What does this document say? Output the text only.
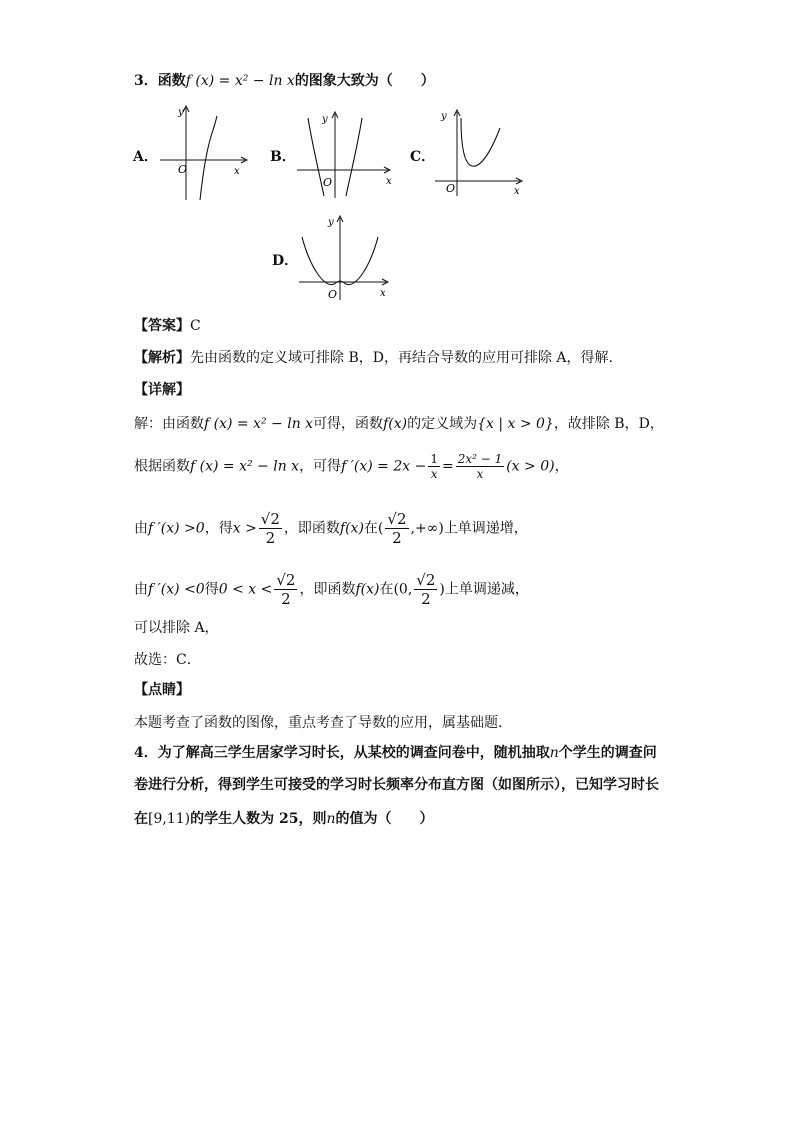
3．函数f (x) = x² − ln x的图象大致为（　　）
A．
y
O	x
B．
y
O	x
C．
y
O	x
D．
y
O	x
【答案】C
【解析】先由函数的定义域可排除 B，D，再结合导数的应用可排除 A，得解.
【详解】
解：由函数f (x) = x² − ln x可得，函数f(x)的定义域为{x | x > 0}，故排除 B，D，
根据函数f (x) = x² − ln x，可得f $'(x) = 2x - \frac{1}{x} = \frac{\text{2x² − 1}}{x} (x > 0)$，
由f ′(x) >0，得$x > \frac{√2}{2}$ ，即函数f(x)在( $\frac{√2}{2}$ ,+∞)上单调递增，
由f ′(x) <0得$0 < x < \frac{√2}{2}$ ，即函数f(x)在(0, $\frac{√2}{2}$ )上单调递减，
可以排除 A，
故选：C．
【点睛】
本题考查了函数的图像，重点考查了导数的应用，属基础题.
4．为了解高三学生居家学习时长，从某校的调查问卷中，随机抽取n个学生的调查问
卷进行分析，得到学生可接受的学习时长频率分布直方图（如图所示），已知学习时长
在[9,11)的学生人数为 25，则n的值为（　　）
